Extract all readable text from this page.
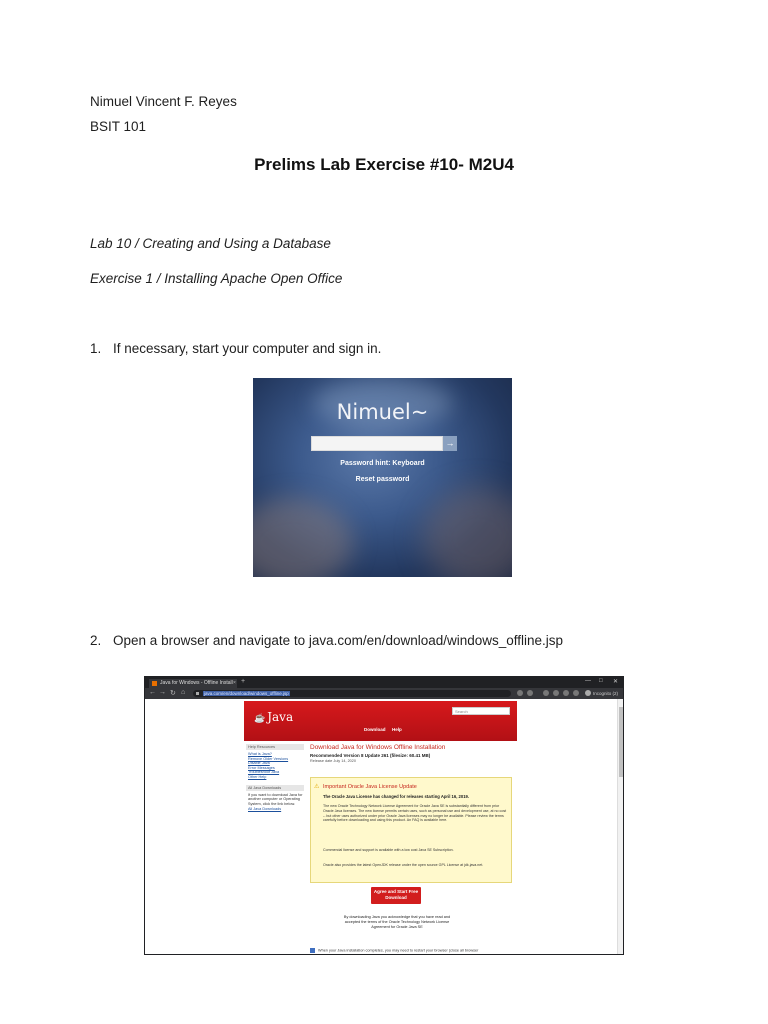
Nimuel Vincent F. Reyes
BSIT 101
Prelims Lab Exercise #10- M2U4
Lab 10 / Creating and Using a Database
Exercise 1 / Installing Apache Open Office
1. If necessary, start your computer and sign in.
Nimuel~
→
Password hint: Keyboard
Reset password
2. Open a browser and navigate to java.com/en/download/windows_offline.jsp
Java for Windows - Offline Install × +	— □ ✕
← → ↻ ⌂	java.com/en/download/windows_offline.jsp	Incognito (2)
☕ Java
Download Help
Search
Help Resources
What is Java?
Remove Older Versions
Disable Java
Error Messages
Troubleshoot Java
Other Help
All Java Downloads
If you want to download Java for another computer or Operating System, click the link below.
All Java Downloads
Download Java for Windows Offline Installation
Recommended Version 8 Update 261 (filesize: 60.41 MB)
Release date July 14, 2020
⚠ Important Oracle Java License Update
The Oracle Java License has changed for releases starting April 16, 2019.
The new Oracle Technology Network License Agreement for Oracle Java SE is substantially different from prior Oracle Java licenses. The new license permits certain uses, such as personal use and development use, at no cost -- but other uses authorized under prior Oracle Java licenses may no longer be available. Please review the terms carefully before downloading and using this product. An FAQ is available here.
Commercial license and support is available with a low cost Java SE Subscription.
Oracle also provides the latest OpenJDK release under the open source GPL License at jdk.java.net.
Agree and Start Free Download
By downloading Java you acknowledge that you have read and accepted the terms of the Oracle Technology Network License Agreement for Oracle Java SE
When your Java installation completes, you may need to restart your browser (close all browser
